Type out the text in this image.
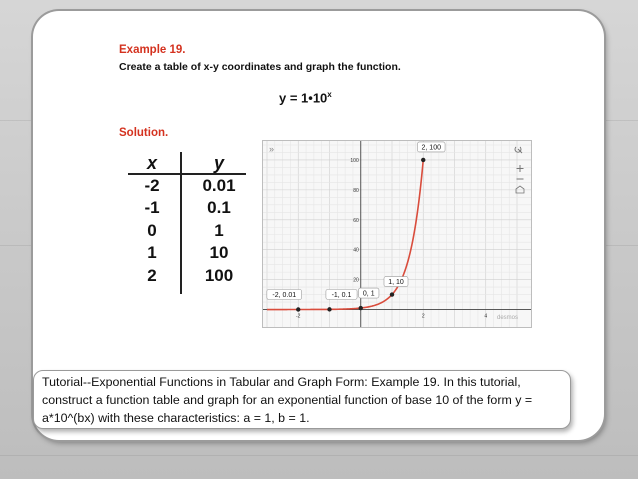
Example 19.
Create a table of x-y coordinates and graph the function.
$y = 1•10^x$
Solution.
x	y
-2	0.01
-1	0.1
0	1
1	10
2	100	20
40
60
80
100
-2	2	4
-2, 0.01	-1, 0.1 0, 1
1, 10
2, 100
»
desmos
Tutorial--Exponential Functions in Tabular and Graph Form: Example 19. In this tutorial, construct a function table and graph for an exponential function of base 10 of the form y = a*10^(bx) with these characteristics: a = 1, b = 1.
